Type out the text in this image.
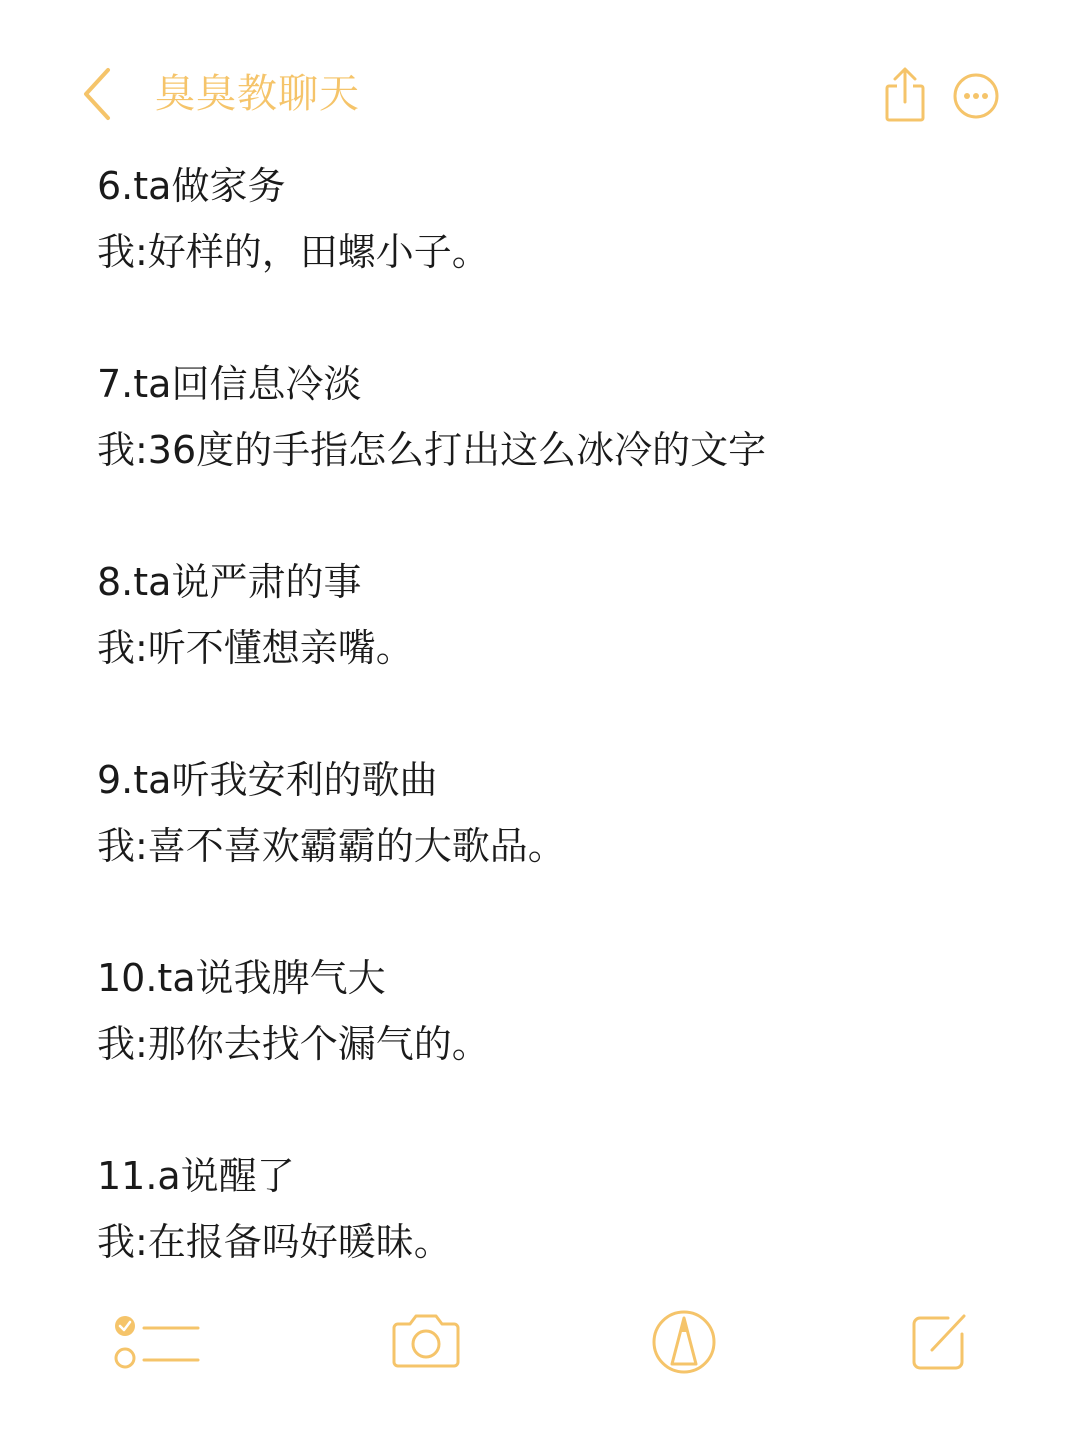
臭臭教聊天
6.ta做家务
我:好样的，田螺小子。
7.ta回信息冷淡
我:36度的手指怎么打出这么冰冷的文字
8.ta说严肃的事
我:听不懂想亲嘴。
9.ta听我安利的歌曲
我:喜不喜欢霸霸的大歌品。
10.ta说我脾气大
我:那你去找个漏气的。
11.a说醒了
我:在报备吗好暖昧。
